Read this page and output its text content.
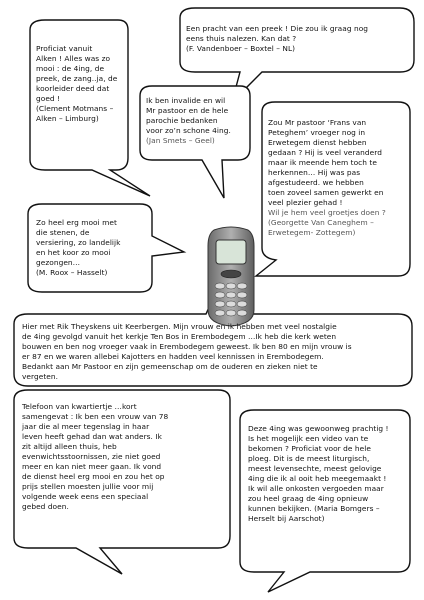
Een pracht van een preek ! Die zou ik graag nog
eens thuis nalezen. Kan dat ?

(F. Vandenboer – Boxtel – NL)

Proficiat vanuit
Alken ! Alles was zo
mooi : de 4ing, de
preek, de zang..ja, de
koorleider deed dat
goed !

(Clement Motmans –
Alken – Limburg)

Ik ben invalide en wil
Mr pastoor en de hele
parochie bedanken
voor zo’n schone 4ing.

(Jan Smets – Geel)

Zou Mr pastoor ‘Frans van
Peteghem’ vroeger nog in
Erwetegem dienst hebben
gedaan ? Hij is veel veranderd
maar ik meende hem toch te
herkennen… Hij was pas
afgestudeerd. we hebben
toen zoveel samen gewerkt en
veel plezier gehad !

Wil je hem veel groetjes doen ?
(Georgette Van Caneghem –
Erwetegem- Zottegem)

Zo heel erg mooi met
die stenen, de
versiering, zo landelijk
en het koor zo mooi
gezongen…

(M. Roox – Hasselt)

Hier met Rik Theyskens uit Keerbergen. Mijn vrouw en ik hebben met veel nostalgie
de 4ing gevolgd vanuit het kerkje Ten Bos in Erembodegem …Ik heb die kerk weten
bouwen en ben nog vroeger vaak in Erembodegem geweest. Ik ben 80 en mijn vrouw is
er 87 en we waren allebei Kajotters en hadden veel kennissen in Erembodegem.
Bedankt aan Mr Pastoor en zijn gemeenschap om de ouderen en zieken niet te
vergeten.

Telefoon van kwartiertje …kort
samengevat : Ik ben een vrouw van 78
jaar die al meer tegenslag in haar
leven heeft gehad dan wat anders. Ik
zit altijd alleen thuis, heb
evenwichtsstoornissen, zie niet goed
meer en kan niet meer gaan. Ik vond
de dienst heel erg mooi en zou het op
prijs stellen moesten jullie voor mij
volgende week eens een speciaal
gebed doen.

Deze 4ing was gewoonweg prachtig !
Is het mogelijk een video van te
bekomen ? Proficiat voor de hele
ploeg. Dit is de meest liturgisch,
meest levensechte, meest gelovige
4ing die ik al ooit heb meegemaakt !
Ik wil alle onkosten vergoeden maar
zou heel graag de 4ing opnieuw
kunnen bekijken. (Maria Bomgers –
Herselt bij Aarschot)
